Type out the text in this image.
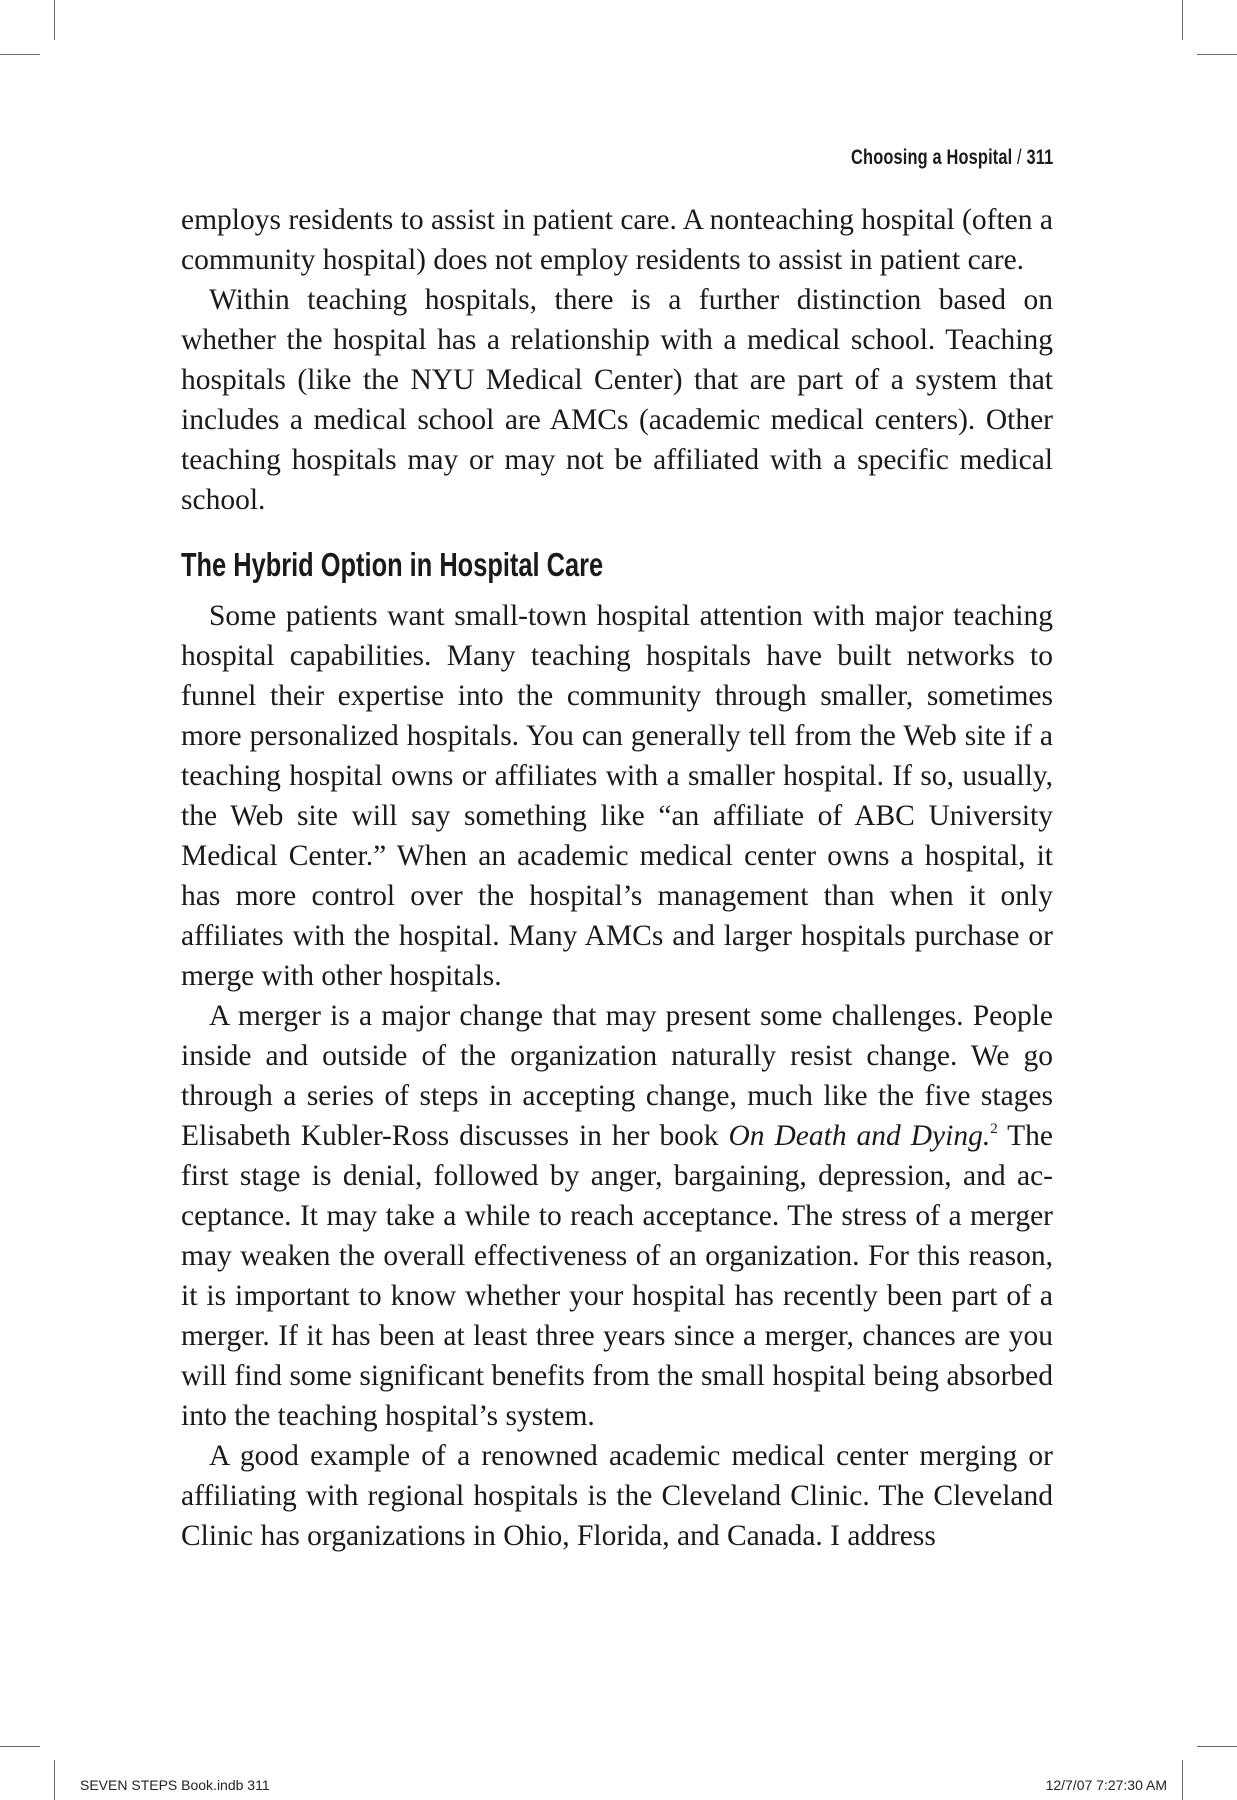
Choosing a Hospital / 311

employs residents to assist in patient care. A nonteaching hospital (often a community hospital) does not employ residents to assist in patient care.

Within teaching hospitals, there is a further distinction based on whether the hospital has a relationship with a medical school. Teaching hospitals (like the NYU Medical Center) that are part of a system that includes a medical school are AMCs (academic medical centers). Other teaching hospitals may or may not be affiliated with a specific medical school.

The Hybrid Option in Hospital Care

Some patients want small-town hospital attention with major teaching hospital capabilities. Many teaching hospitals have built networks to funnel their expertise into the community through smaller, sometimes more personalized hospitals. You can generally tell from the Web site if a teaching hospital owns or affiliates with a smaller hospital. If so, usually, the Web site will say something like “an affiliate of ABC University Medical Center.” When an academic medical center owns a hospital, it has more control over the hospital’s management than when it only affiliates with the hospital. Many AMCs and larger hospitals purchase or merge with other hospitals.

A merger is a major change that may present some challenges. People inside and outside of the organization naturally resist change. We go through a series of steps in accepting change, much like the five stages Elisabeth Kubler-Ross discusses in her book On Death and Dying.$^2$ The first stage is denial, followed by anger, bargaining, depression, and acceptance. It may take a while to reach acceptance. The stress of a merger may weaken the overall effectiveness of an organization. For this reason, it is important to know whether your hospital has recently been part of a merger. If it has been at least three years since a merger, chances are you will find some significant benefits from the small hospital being absorbed into the teaching hospital’s system.

A good example of a renowned academic medical center merging or affiliating with regional hospitals is the Cleveland Clinic. The Cleveland Clinic has organizations in Ohio, Florida, and Canada. I address

SEVEN STEPS Book.indb 311	12/7/07 7:27:30 AM
